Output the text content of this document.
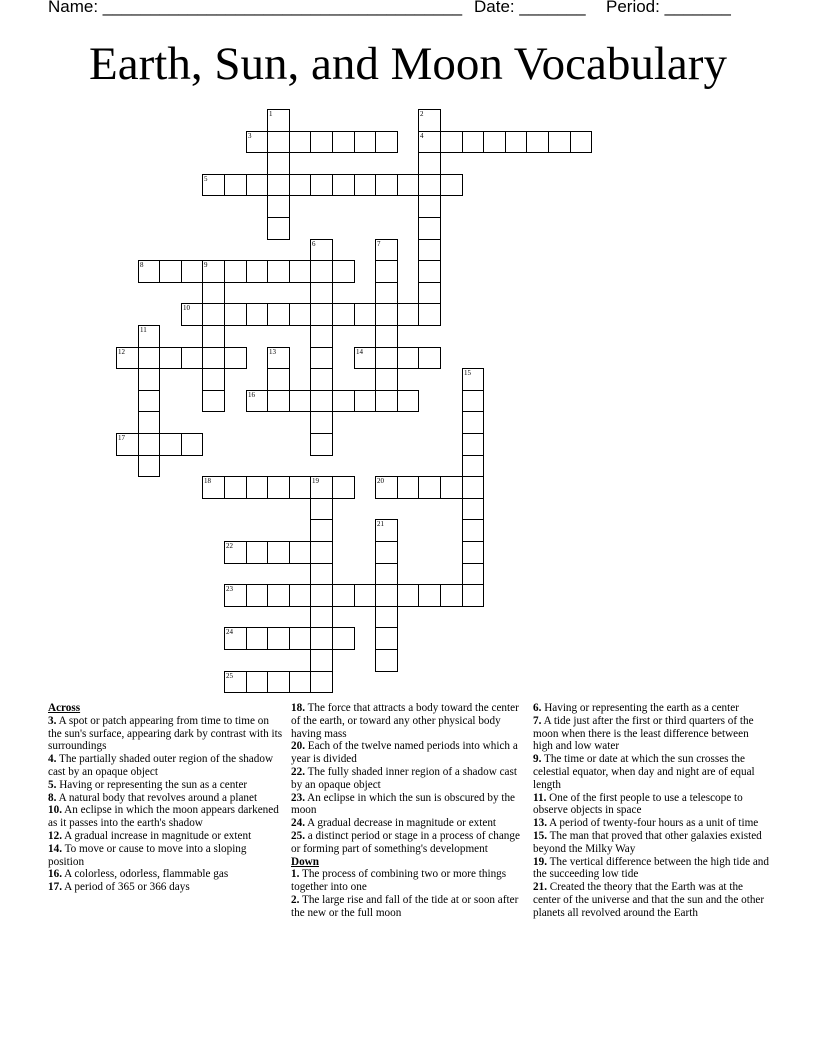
Name: ______________________________________ Date: _______ Period: _______
Earth, Sun, and Moon Vocabulary
1	2
4
3
5
6	7
8	9
10
11
12	13	14
15
16
17
18	19	20
21
22
23
24
25
Across
3. A spot or patch appearing from time to time on the sun's surface, appearing dark by contrast with its surroundings
4. The partially shaded outer region of the shadow cast by an opaque object
5. Having or representing the sun as a center
8. A natural body that revolves around a planet
10. An eclipse in which the moon appears darkened as it passes into the earth's shadow
12. A gradual increase in magnitude or extent
14. To move or cause to move into a sloping position
16. A colorless, odorless, flammable gas
17. A period of 365 or 366 days
18. The force that attracts a body toward the center of the earth, or toward any other physical body having mass
20. Each of the twelve named periods into which a year is divided
22. The fully shaded inner region of a shadow cast by an opaque object
23. An eclipse in which the sun is obscured by the moon
24. A gradual decrease in magnitude or extent
25. a distinct period or stage in a process of change or forming part of something's development
Down
1. The process of combining two or more things together into one
2. The large rise and fall of the tide at or soon after the new or the full moon
6. Having or representing the earth as a center
7. A tide just after the first or third quarters of the moon when there is the least difference between high and low water
9. The time or date at which the sun crosses the celestial equator, when day and night are of equal length
11. One of the first people to use a telescope to observe objects in space
13. A period of twenty-four hours as a unit of time
15. The man that proved that other galaxies existed beyond the Milky Way
19. The vertical difference between the high tide and the succeeding low tide
21. Created the theory that the Earth was at the center of the universe and that the sun and the other planets all revolved around the Earth
